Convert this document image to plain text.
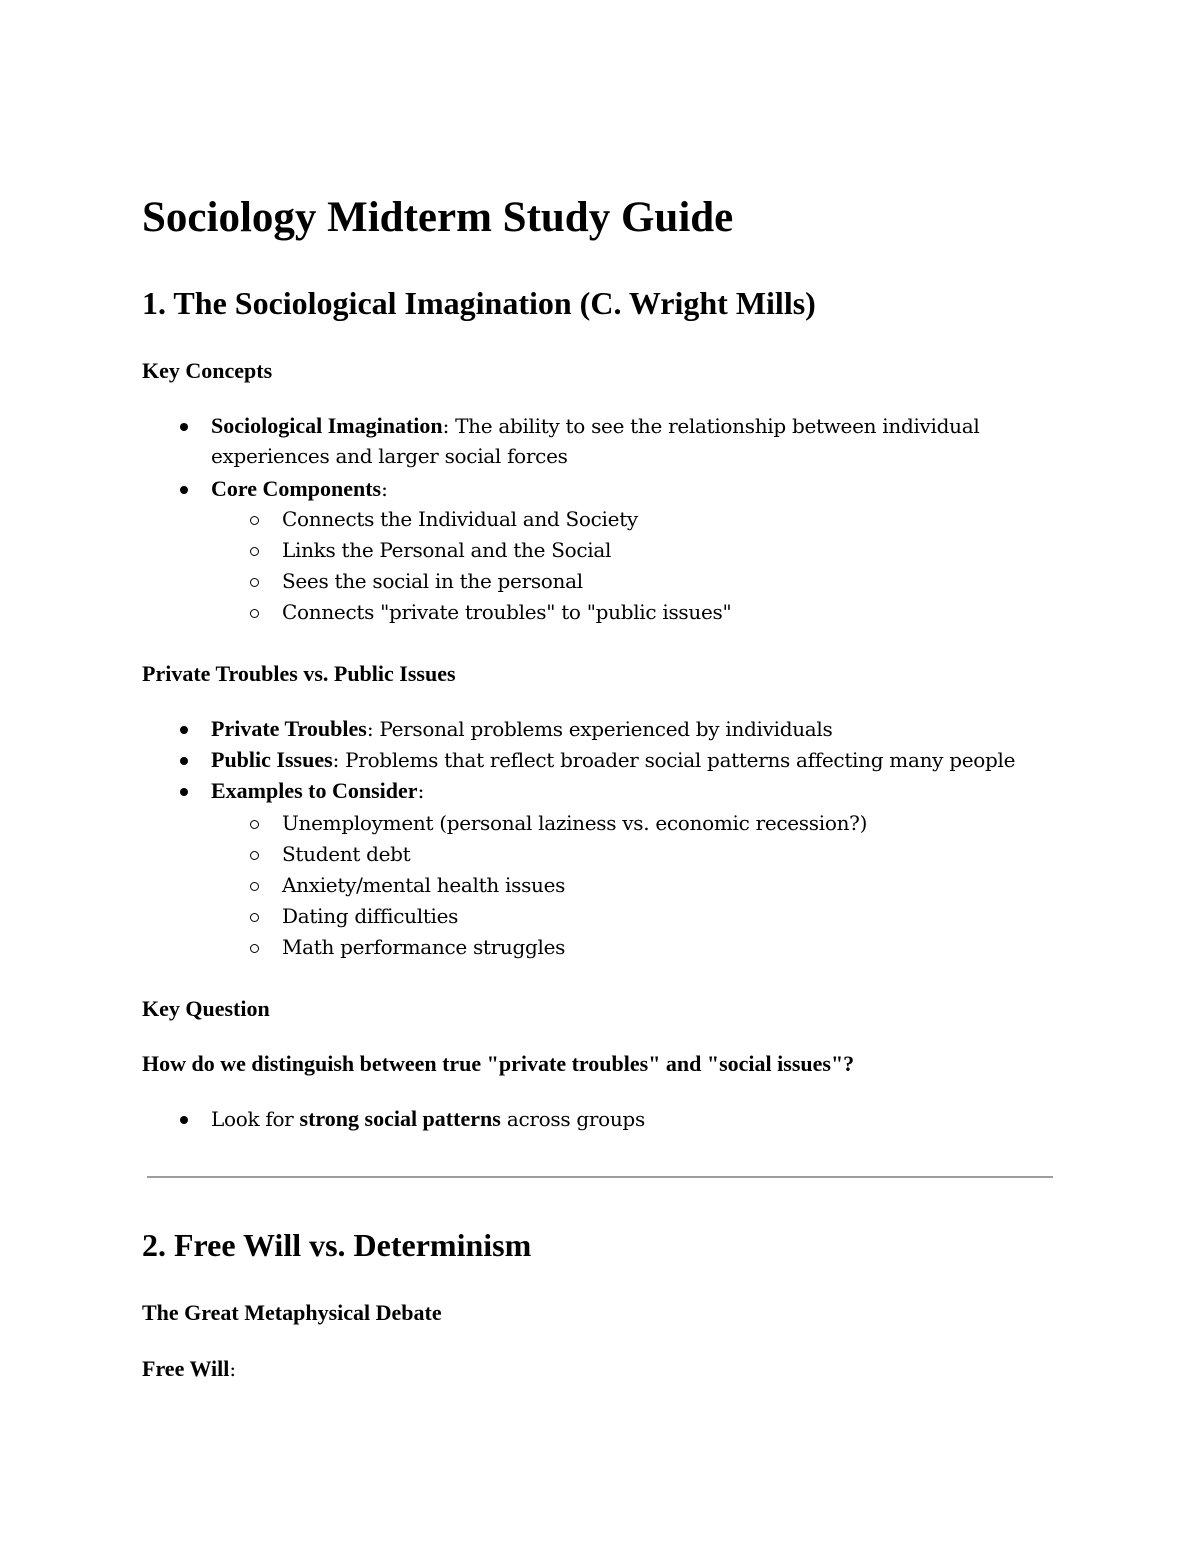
Sociology Midterm Study Guide
1. The Sociological Imagination (C. Wright Mills)
Key Concepts
Sociological Imagination: The ability to see the relationship between individual
experiences and larger social forces
Core Components:
Connects the Individual and Society
Links the Personal and the Social
Sees the social in the personal
Connects "private troubles" to "public issues"
Private Troubles vs. Public Issues
Private Troubles: Personal problems experienced by individuals
Public Issues: Problems that reflect broader social patterns affecting many people
Examples to Consider:
Unemployment (personal laziness vs. economic recession?)
Student debt
Anxiety/mental health issues
Dating difficulties
Math performance struggles
Key Question
How do we distinguish between true "private troubles" and "social issues"?
Look for strong social patterns across groups
2. Free Will vs. Determinism
The Great Metaphysical Debate
Free Will:
